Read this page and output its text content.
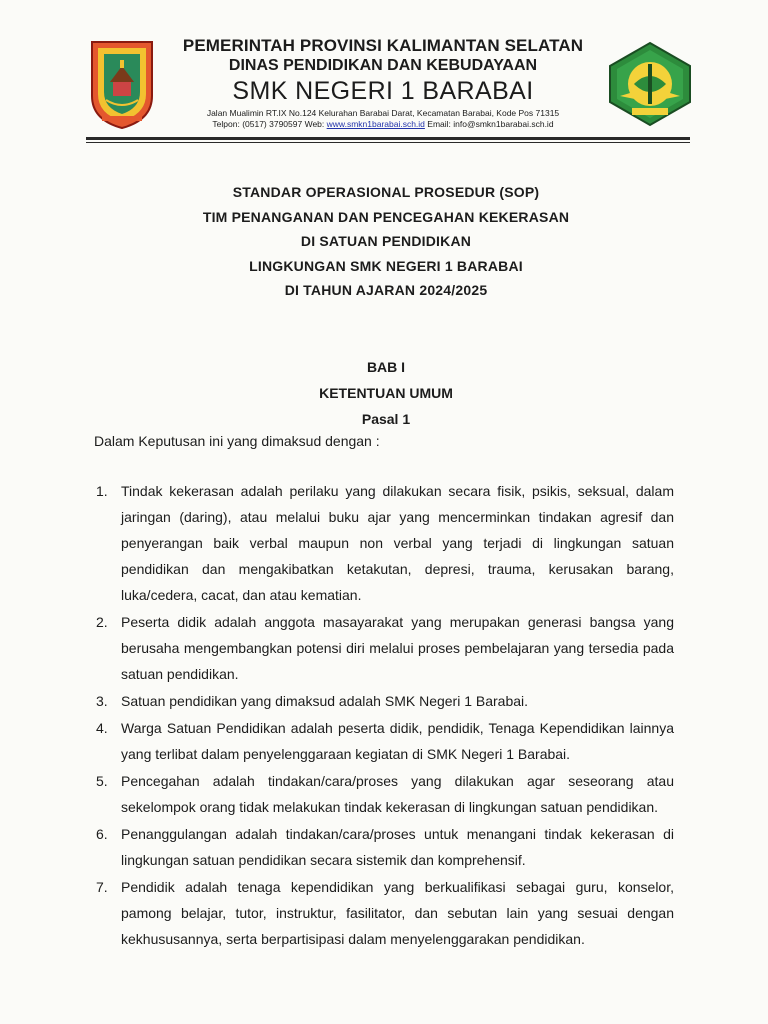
PEMERINTAH PROVINSI KALIMANTAN SELATAN
DINAS PENDIDIKAN DAN KEBUDAYAAN
SMK NEGERI 1 BARABAI
Jalan Mualimin RT.IX No.124 Kelurahan Barabai Darat, Kecamatan Barabai, Kode Pos 71315
Telpon: (0517) 3790597 Web: www.smkn1barabai.sch.id Email: info@smkn1barabai.sch.id
STANDAR OPERASIONAL PROSEDUR (SOP)
TIM PENANGANAN DAN PENCEGAHAN KEKERASAN
DI SATUAN PENDIDIKAN
LINGKUNGAN SMK NEGERI 1 BARABAI
DI TAHUN AJARAN 2024/2025
BAB I
KETENTUAN UMUM
Pasal 1
Dalam Keputusan ini yang dimaksud dengan :
1. Tindak kekerasan adalah perilaku yang dilakukan secara fisik, psikis, seksual, dalam jaringan (daring), atau melalui buku ajar yang mencerminkan tindakan agresif dan penyerangan baik verbal maupun non verbal yang terjadi di lingkungan satuan pendidikan dan mengakibatkan ketakutan, depresi, trauma, kerusakan barang, luka/cedera, cacat, dan atau kematian.
2. Peserta didik adalah anggota masayarakat yang merupakan generasi bangsa yang berusaha mengembangkan potensi diri melalui proses pembelajaran yang tersedia pada satuan pendidikan.
3. Satuan pendidikan yang dimaksud adalah SMK Negeri 1 Barabai.
4. Warga Satuan Pendidikan adalah peserta didik, pendidik, Tenaga Kependidikan lainnya yang terlibat dalam penyelenggaraan kegiatan di SMK Negeri 1 Barabai.
5. Pencegahan adalah tindakan/cara/proses yang dilakukan agar seseorang atau sekelompok orang tidak melakukan tindak kekerasan di lingkungan satuan pendidikan.
6. Penanggulangan adalah tindakan/cara/proses untuk menangani tindak kekerasan di lingkungan satuan pendidikan secara sistemik dan komprehensif.
7. Pendidik adalah tenaga kependidikan yang berkualifikasi sebagai guru, konselor, pamong belajar, tutor, instruktur, fasilitator, dan sebutan lain yang sesuai dengan kekhususannya, serta berpartisipasi dalam menyelenggarakan pendidikan.
